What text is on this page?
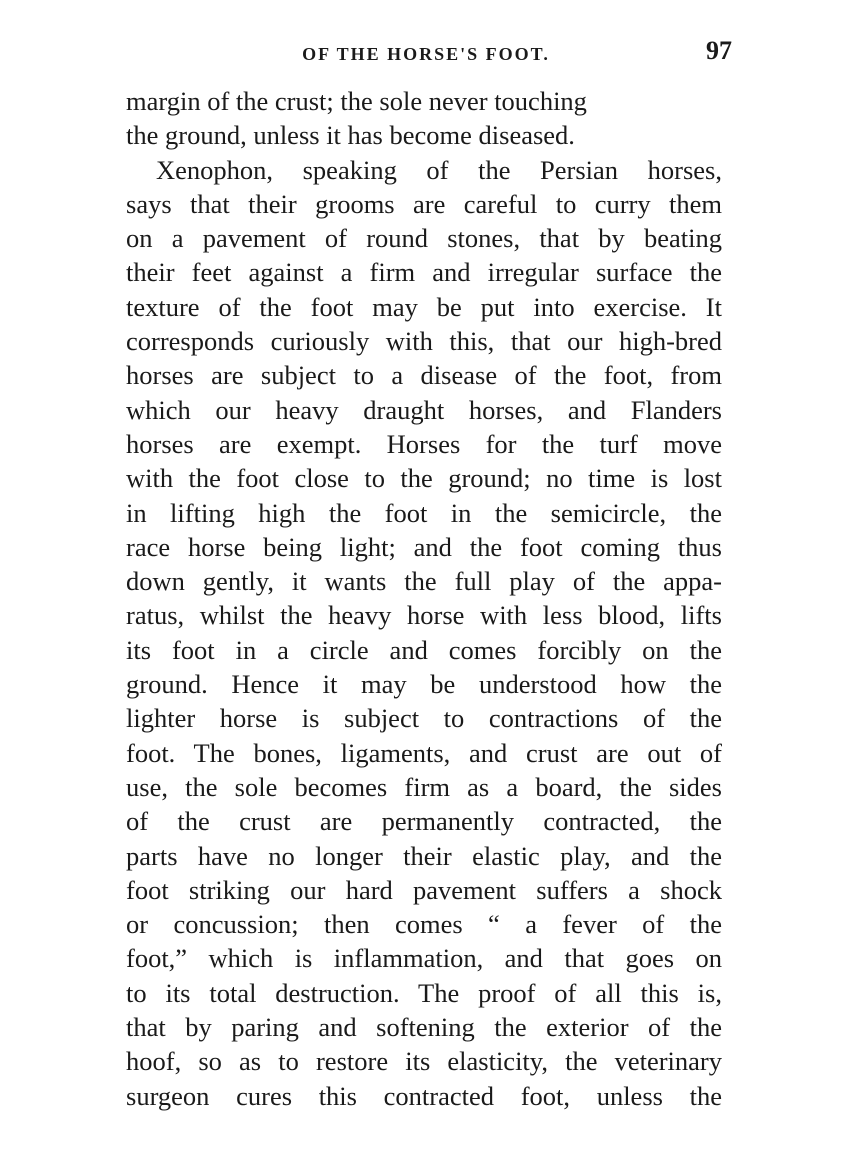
OF THE HORSE'S FOOT.	97
margin of the crust; the sole never touching
the ground, unless it has become diseased.
Xenophon, speaking of the Persian horses,
says that their grooms are careful to curry them
on a pavement of round stones, that by beating
their feet against a firm and irregular surface the
texture of the foot may be put into exercise. It
corresponds curiously with this, that our high-bred
horses are subject to a disease of the foot, from
which our heavy draught horses, and Flanders
horses are exempt. Horses for the turf move
with the foot close to the ground; no time is lost
in lifting high the foot in the semicircle, the
race horse being light; and the foot coming thus
down gently, it wants the full play of the appa-
ratus, whilst the heavy horse with less blood, lifts
its foot in a circle and comes forcibly on the
ground. Hence it may be understood how the
lighter horse is subject to contractions of the
foot. The bones, ligaments, and crust are out of
use, the sole becomes firm as a board, the sides
of the crust are permanently contracted, the
parts have no longer their elastic play, and the
foot striking our hard pavement suffers a shock
or concussion; then comes “ a fever of the
foot,” which is inflammation, and that goes on
to its total destruction. The proof of all this is,
that by paring and softening the exterior of the
hoof, so as to restore its elasticity, the veterinary
surgeon cures this contracted foot, unless the
